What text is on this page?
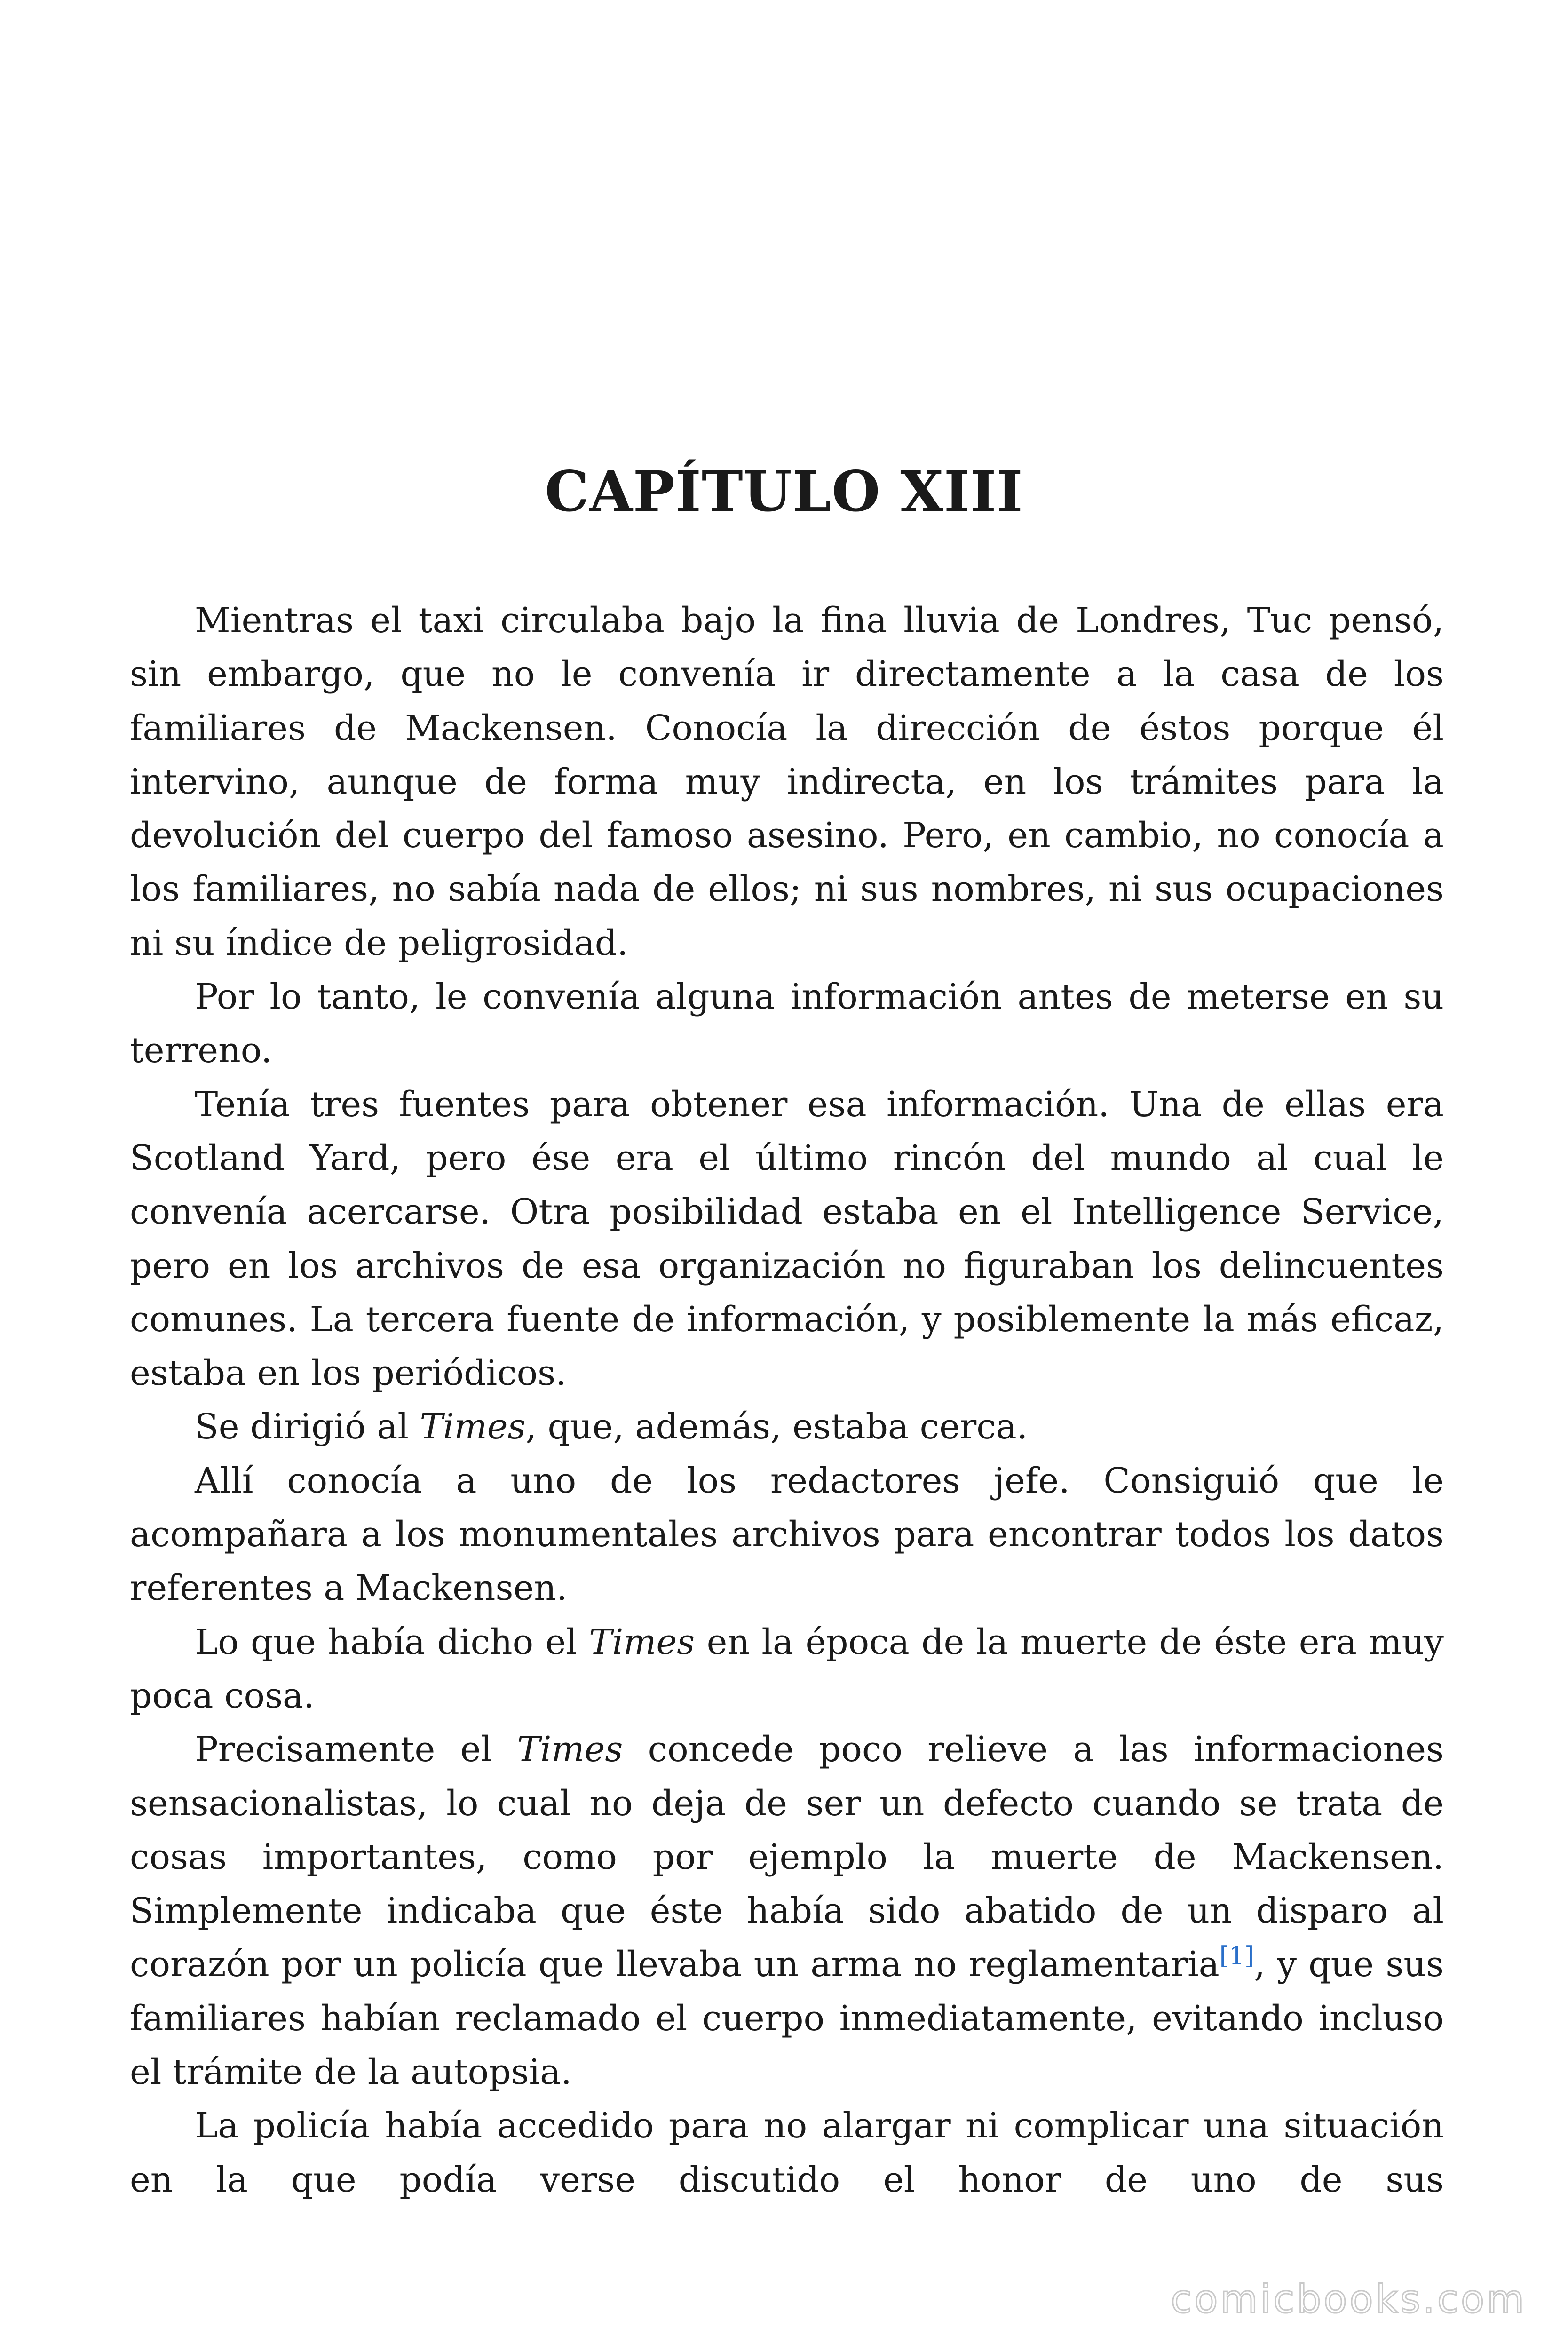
CAPÍTULO XIII

Mientras el taxi circulaba bajo la fina lluvia de Londres, Tuc pensó, sin embargo, que no le convenía ir directamente a la casa de los familiares de Mackensen. Conocía la dirección de éstos porque él intervino, aunque de forma muy indirecta, en los trámites para la devolución del cuerpo del famoso asesino. Pero, en cambio, no conocía a los familiares, no sabía nada de ellos; ni sus nombres, ni sus ocupaciones ni su índice de peligrosidad.

Por lo tanto, le convenía alguna información antes de meterse en su terreno.

Tenía tres fuentes para obtener esa información. Una de ellas era Scotland Yard, pero ése era el último rincón del mundo al cual le convenía acercarse. Otra posibilidad estaba en el Intelligence Service, pero en los archivos de esa organización no figuraban los delincuentes comunes. La tercera fuente de información, y posiblemente la más eficaz, estaba en los periódicos.

Se dirigió al Times, que, además, estaba cerca.

Allí conocía a uno de los redactores jefe. Consiguió que le acompañara a los monumentales archivos para encontrar todos los datos referentes a Mackensen.

Lo que había dicho el Times en la época de la muerte de éste era muy poca cosa.

Precisamente el Times concede poco relieve a las informaciones sensacionalistas, lo cual no deja de ser un defecto cuando se trata de cosas importantes, como por ejemplo la muerte de Mackensen. Simplemente indicaba que éste había sido abatido de un disparo al corazón por un policía que llevaba un arma no reglamentaria[1], y que sus familiares habían reclamado el cuerpo inmediatamente, evitando incluso el trámite de la autopsia.

La policía había accedido para no alargar ni complicar una situación en la que podía verse discutido el honor de uno de sus

comicbooks.com
